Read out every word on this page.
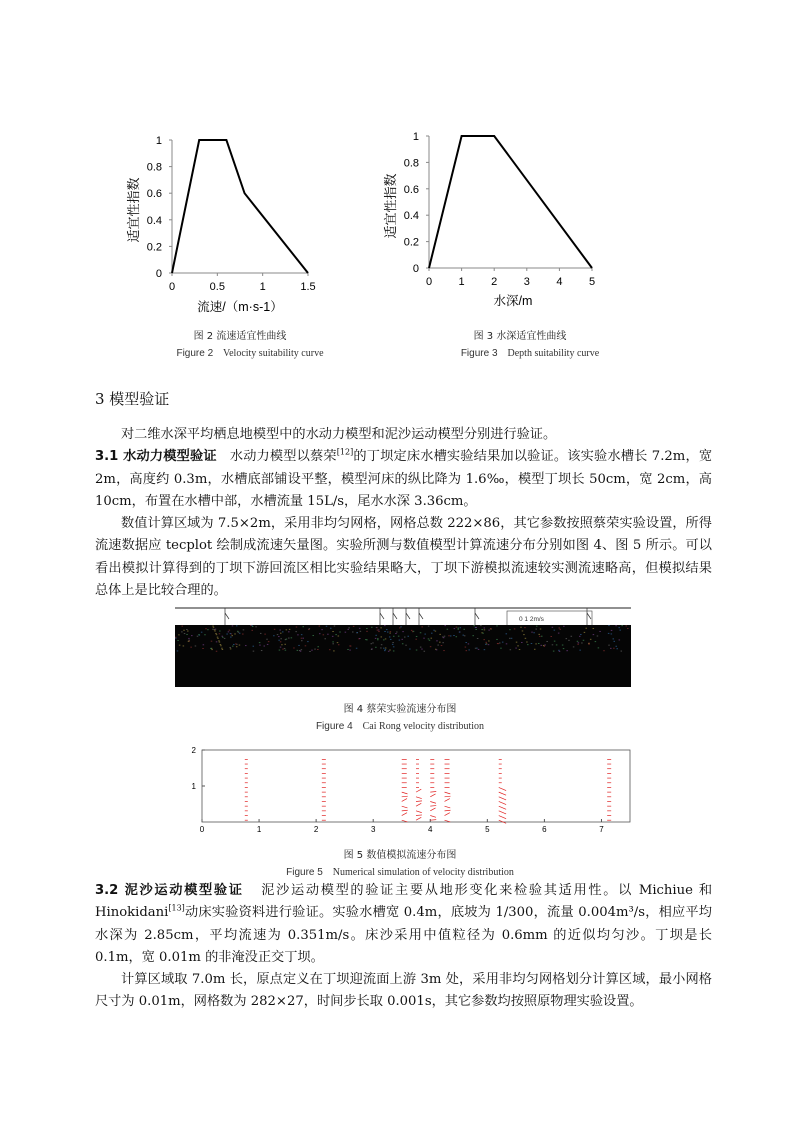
0	0.5	1	1.5
0
0.2
0.4
0.6
0.8
1
适宜性指数
流速/（m·s-1）
0 1 2 3 4 5
0
0.2
0.4
0.6
0.8
1
适宜性指数
水深/m
图 2 流速适宜性曲线
Figure 2 Velocity suitability curve
图 3 水深适宜性曲线
Figure 3 Depth suitability curve
3 模型验证
对二维水深平均栖息地模型中的水动力模型和泥沙运动模型分别进行验证。
3.1 水动力模型验证 水动力模型以蔡荣[12]的丁坝定床水槽实验结果加以验证。该实验水槽长 7.2m，宽 2m，高度约 0.3m，水槽底部铺设平整，模型河床的纵比降为 1.6‰，模型丁坝长 50cm，宽 2cm，高 10cm，布置在水槽中部，水槽流量 15L/s，尾水水深 3.36cm。
数值计算区域为 7.5×2m，采用非均匀网格，网格总数 222×86，其它参数按照蔡荣实验设置，所得流速数据应 tecplot 绘制成流速矢量图。实验所测与数值模型计算流速分布分别如图 4、图 5 所示。可以看出模拟计算得到的丁坝下游回流区相比实验结果略大，丁坝下游模拟流速较实测流速略高，但模拟结果总体上是比较合理的。
0 1 2m/s
图 4 蔡荣实验流速分布图
Figure 4 Cai Rong velocity distribution
0	1	2	3	4	5	6	7
1
2
图 5 数值模拟流速分布图
Figure 5 Numerical simulation of velocity distribution
3.2 泥沙运动模型验证 泥沙运动模型的验证主要从地形变化来检验其适用性。以 Michiue 和 Hinokidani[13]动床实验资料进行验证。实验水槽宽 0.4m，底坡为 1/300，流量 0.004m³/s，相应平均水深为 2.85cm，平均流速为 0.351m/s。床沙采用中值粒径为 0.6mm 的近似均匀沙。丁坝是长 0.1m，宽 0.01m 的非淹没正交丁坝。
计算区域取 7.0m 长，原点定义在丁坝迎流面上游 3m 处，采用非均匀网格划分计算区域，最小网格尺寸为 0.01m，网格数为 282×27，时间步长取 0.001s，其它参数均按照原物理实验设置。
